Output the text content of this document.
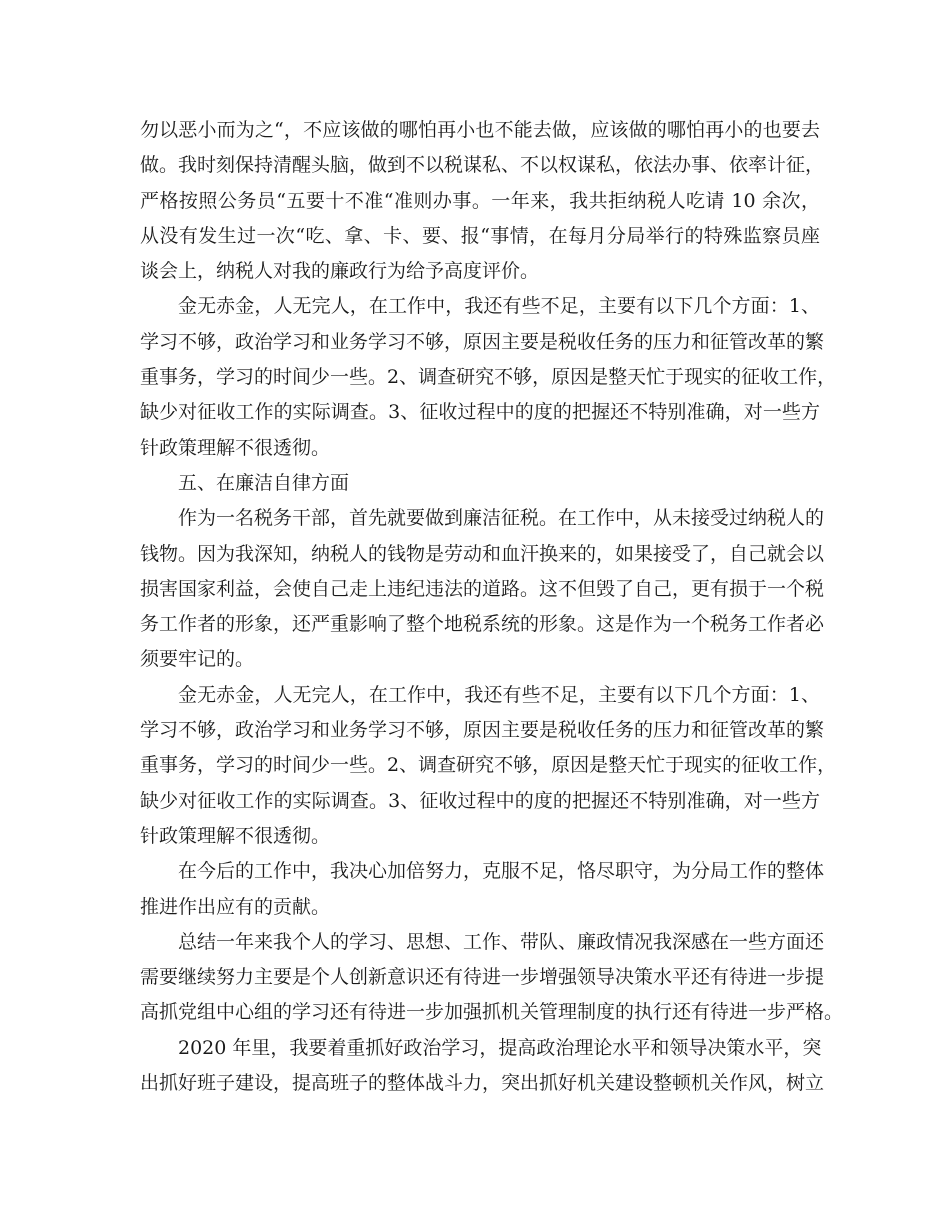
勿以恶小而为之“，不应该做的哪怕再小也不能去做，应该做的哪怕再小的也要去
做。我时刻保持清醒头脑，做到不以税谋私、不以权谋私，依法办事、依率计征，
严格按照公务员“五要十不准“准则办事。一年来，我共拒纳税人吃请 10 余次，
从没有发生过一次“吃、拿、卡、要、报“事情，在每月分局举行的特殊监察员座
谈会上，纳税人对我的廉政行为给予高度评价。
金无赤金，人无完人，在工作中，我还有些不足，主要有以下几个方面：1、
学习不够，政治学习和业务学习不够，原因主要是税收任务的压力和征管改革的繁
重事务，学习的时间少一些。2、调查研究不够，原因是整天忙于现实的征收工作，
缺少对征收工作的实际调查。3、征收过程中的度的把握还不特别准确，对一些方
针政策理解不很透彻。
五、在廉洁自律方面
作为一名税务干部，首先就要做到廉洁征税。在工作中，从未接受过纳税人的
钱物。因为我深知，纳税人的钱物是劳动和血汗换来的，如果接受了，自己就会以
损害国家利益，会使自己走上违纪违法的道路。这不但毁了自己，更有损于一个税
务工作者的形象，还严重影响了整个地税系统的形象。这是作为一个税务工作者必
须要牢记的。
金无赤金，人无完人，在工作中，我还有些不足，主要有以下几个方面：1、
学习不够，政治学习和业务学习不够，原因主要是税收任务的压力和征管改革的繁
重事务，学习的时间少一些。2、调查研究不够，原因是整天忙于现实的征收工作，
缺少对征收工作的实际调查。3、征收过程中的度的把握还不特别准确，对一些方
针政策理解不很透彻。
在今后的工作中，我决心加倍努力，克服不足，恪尽职守，为分局工作的整体
推进作出应有的贡献。
总结一年来我个人的学习、思想、工作、带队、廉政情况我深感在一些方面还
需要继续努力主要是个人创新意识还有待进一步增强领导决策水平还有待进一步提
高抓党组中心组的学习还有待进一步加强抓机关管理制度的执行还有待进一步严格。
2020 年里，我要着重抓好政治学习，提高政治理论水平和领导决策水平，突
出抓好班子建设，提高班子的整体战斗力，突出抓好机关建设整顿机关作风，树立
